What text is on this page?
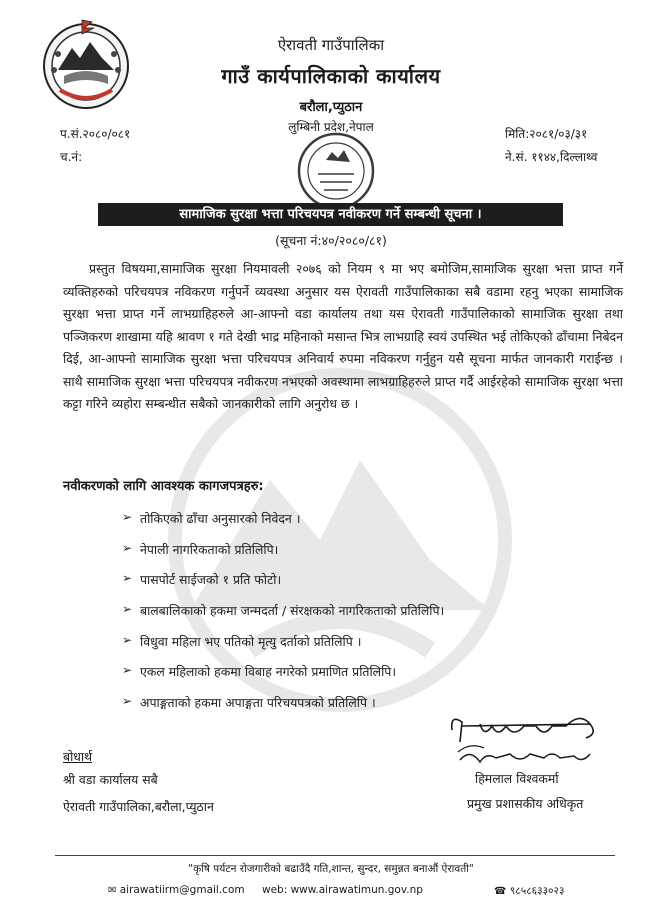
ऐरावती गाउँपालिका
गाउँ कार्यपालिकाको कार्यालय
बरौला,प्युठान
लुम्बिनी प्रदेश,नेपाल
प.सं.२०८०/०८१
च.नं:
मिति:२०८१/०३/३१
ने.सं. ११४४,दिल्लाथ्व
सामाजिक सुरक्षा भत्ता परिचयपत्र नवीकरण गर्ने सम्बन्धी सूचना ।
(सूचना नं:४०/२०८०/८१)
प्रस्तुत विषयमा,सामाजिक सुरक्षा नियमावली २०७६ को नियम ९ मा भए बमोजिम,सामाजिक सुरक्षा भत्ता प्राप्त गर्ने व्यक्तिहरुको परिचयपत्र नविकरण गर्नुपर्ने व्यवस्था अनुसार यस ऐरावती गाउँपालिकाका सबै वडामा रहनु भएका सामाजिक सुरक्षा भत्ता प्राप्त गर्ने लाभग्राहिहरुले आ-आफ्नो वडा कार्यालय तथा यस ऐरावती गाउँपालिकाको सामाजिक सुरक्षा तथा पञ्जिकरण शाखामा यहि श्रावण १ गते देखी भाद्र महिनाको मसान्त भित्र लाभग्राहि स्वयं उपस्थित भई तोकिएको ढाँचामा निबेदन दिई, आ-आफ्नो सामाजिक सुरक्षा भत्ता परिचयपत्र अनिवार्य रुपमा नविकरण गर्नुहुन यसै सूचना मार्फत जानकारी गराईन्छ । साथै सामाजिक सुरक्षा भत्ता परिचयपत्र नवीकरण नभएको अवस्थामा लाभग्राहिहरुले प्राप्त गर्दै आईरहेको सामाजिक सुरक्षा भत्ता कट्टा गरिने व्यहोरा सम्बन्धीत सबैको जानकारीको लागि अनुरोध छ ।
नवीकरणको लागि आवश्यक कागजपत्रहरु:
➢ तोकिएको ढाँचा अनुसारको निवेदन ।
➢ नेपाली नागरिकताको प्रतिलिपि।
➢ पासपोर्ट साईजको १ प्रति फोटो।
➢ बालबालिकाको हकमा जन्मदर्ता / संरक्षकको नागरिकताको प्रतिलिपि।
➢ विधुवा महिला भए पतिको मृत्यु दर्ताको प्रतिलिपि ।
➢ एकल महिलाको हकमा विबाह नगरेको प्रमाणित प्रतिलिपि।
➢ अपाङ्गताको हकमा अपाङ्गता परिचयपत्रको प्रतिलिपि ।
हिमलाल विश्वकर्मा
प्रमुख प्रशासकीय अधिकृत
बोधार्थ
श्री वडा कार्यालय सबै
ऐरावती गाउँपालिका,बरौला,प्युठान
"कृषि पर्यटन रोजगारीको बढाउँदै गति,शान्त, सुन्दर, समुन्नत बनाऔं ऐरावती"
✉ airawatiirm@gmail.com web: www.airawatimun.gov.np	☎ ९८५८६३३०२३
